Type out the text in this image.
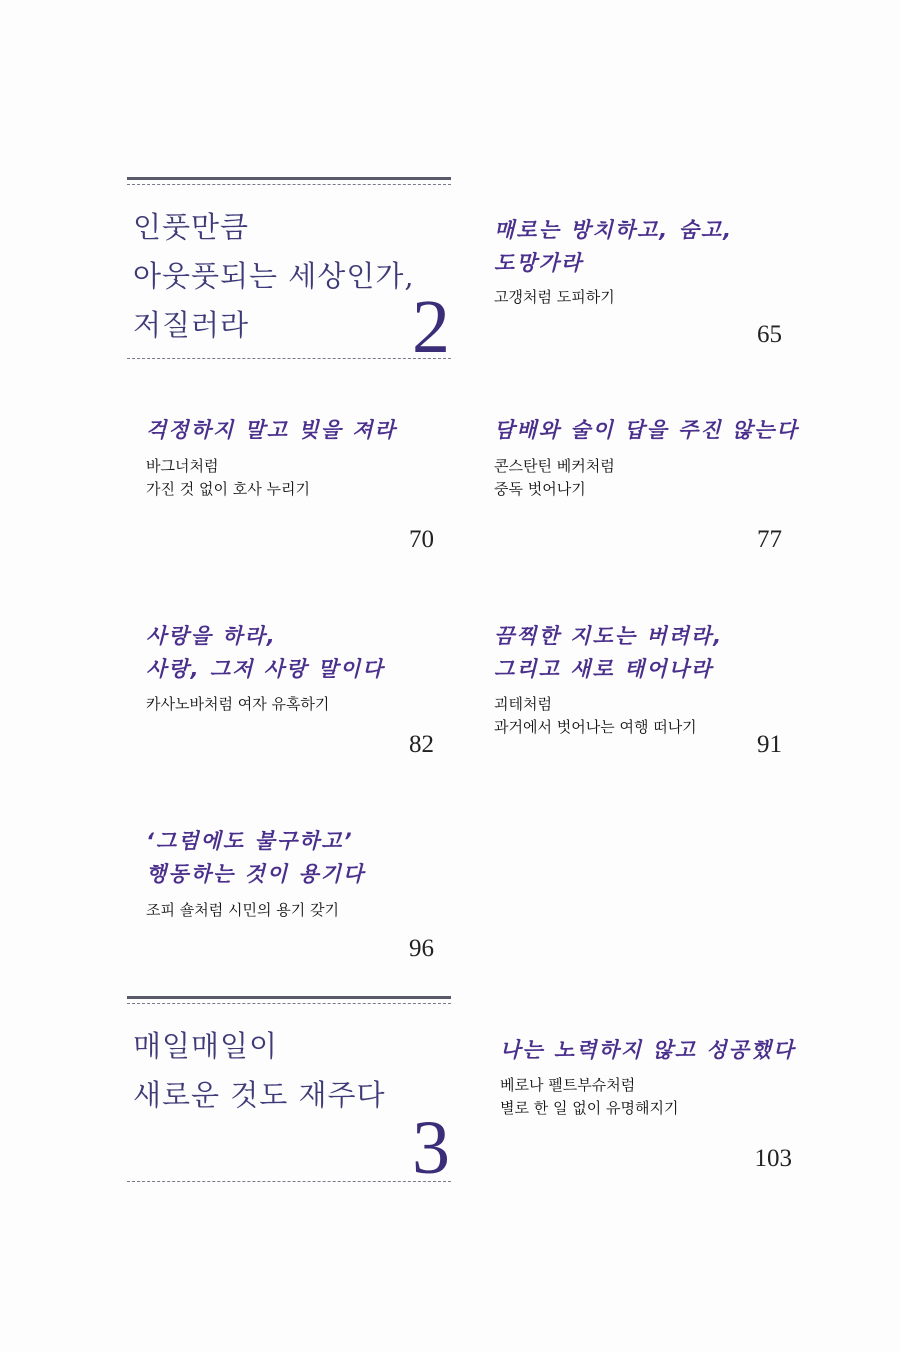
인풋만큼
아웃풋되는 세상인가,
저질러라	2
매로는 방치하고, 숨고,
도망가라
고갱처럼 도피하기
65
걱정하지 말고 빚을 져라
바그너처럼
가진 것 없이 호사 누리기
70
담배와 술이 답을 주진 않는다
콘스탄틴 베커처럼
중독 벗어나기
77
사랑을 하라,
사랑, 그저 사랑 말이다
카사노바처럼 여자 유혹하기
82
끔찍한 지도는 버려라,
그리고 새로 태어나라
괴테처럼
과거에서 벗어나는 여행 떠나기
91
‘그럼에도 불구하고’
행동하는 것이 용기다
조피 숄처럼 시민의 용기 갖기
96
매일매일이
새로운 것도 재주다
3
나는 노력하지 않고 성공했다
베로나 펠트부슈처럼
별로 한 일 없이 유명해지기
103
